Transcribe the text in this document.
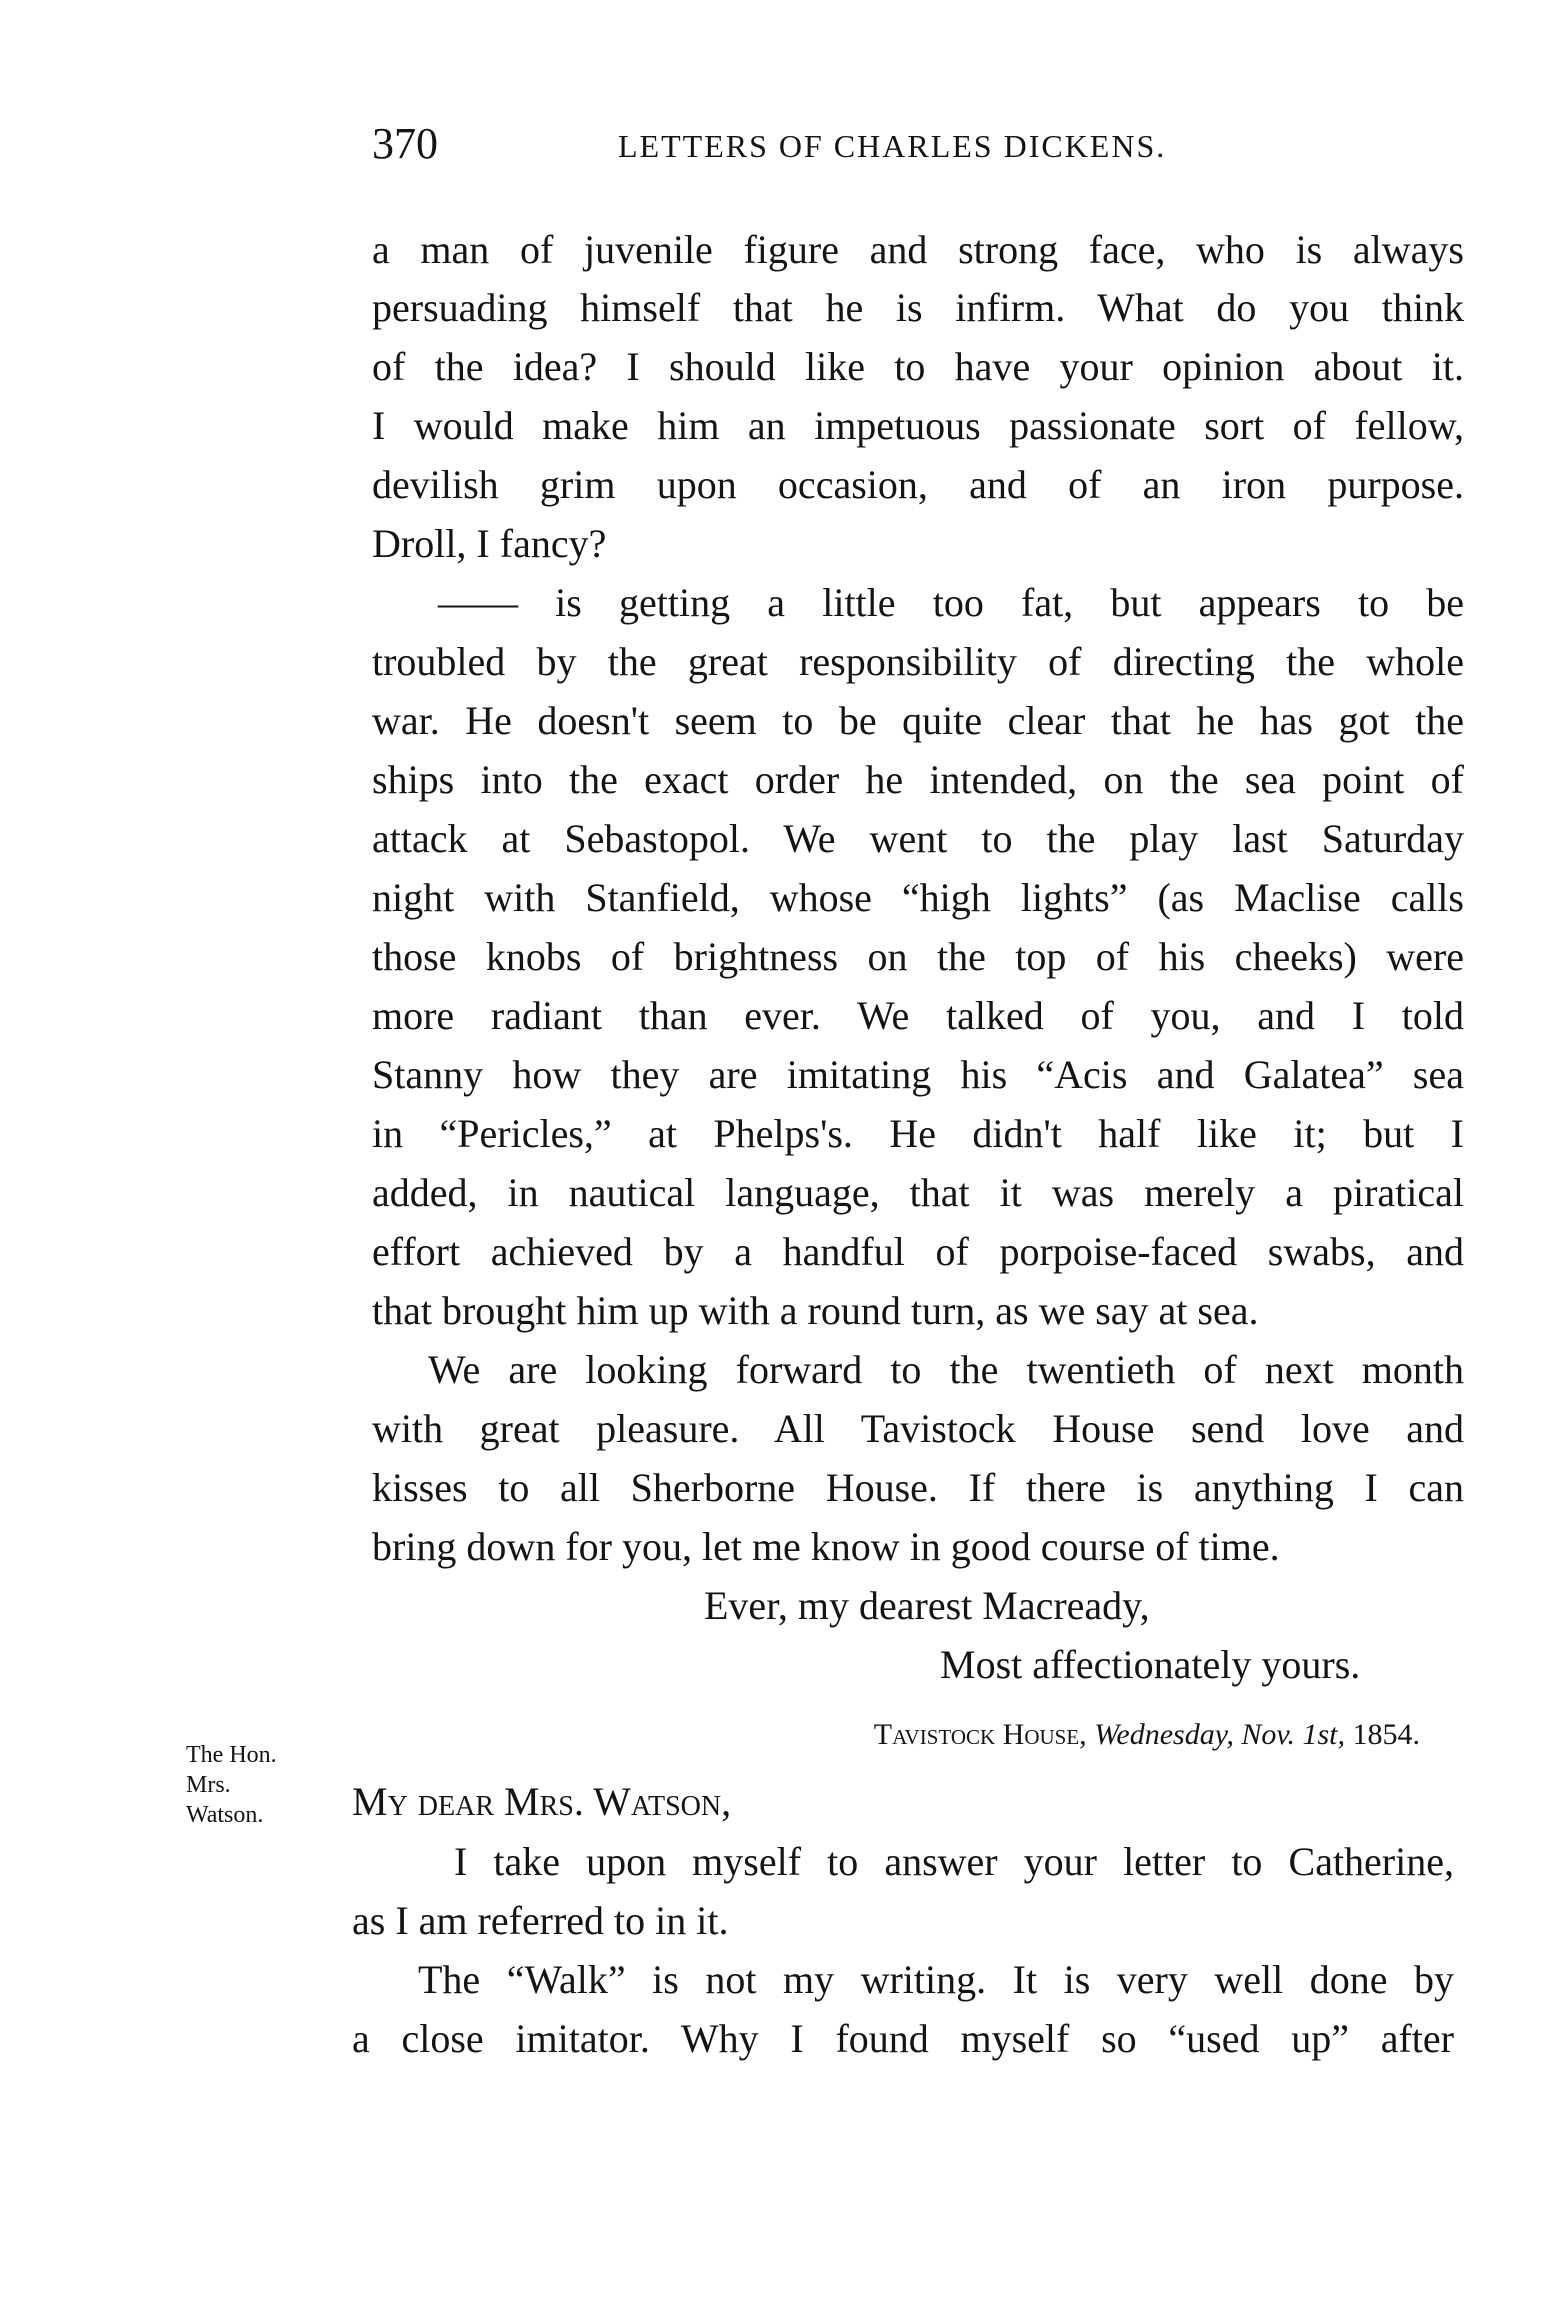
370	LETTERS OF CHARLES DICKENS.
a man of juvenile figure and strong face, who is always
persuading himself that he is infirm. What do you think
of the idea? I should like to have your opinion about it.
I would make him an impetuous passionate sort of fellow,
devilish grim upon occasion, and of an iron purpose.
Droll, I fancy?
—— is getting a little too fat, but appears to be
troubled by the great responsibility of directing the whole
war. He doesn't seem to be quite clear that he has got the
ships into the exact order he intended, on the sea point of
attack at Sebastopol. We went to the play last Saturday
night with Stanfield, whose “high lights” (as Maclise calls
those knobs of brightness on the top of his cheeks) were
more radiant than ever. We talked of you, and I told
Stanny how they are imitating his “Acis and Galatea” sea
in “Pericles,” at Phelps's. He didn't half like it; but I
added, in nautical language, that it was merely a piratical
effort achieved by a handful of porpoise-faced swabs, and
that brought him up with a round turn, as we say at sea.
We are looking forward to the twentieth of next month
with great pleasure. All Tavistock House send love and
kisses to all Sherborne House. If there is anything I can
bring down for you, let me know in good course of time.
Ever, my dearest Macready,
Most affectionately yours.
The Hon.
Mrs.
Watson.
Tavistock House, Wednesday, Nov. 1st, 1854.
My dear Mrs. Watson,
I take upon myself to answer your letter to Catherine,
as I am referred to in it.
The “Walk” is not my writing. It is very well done by
a close imitator. Why I found myself so “used up” after
